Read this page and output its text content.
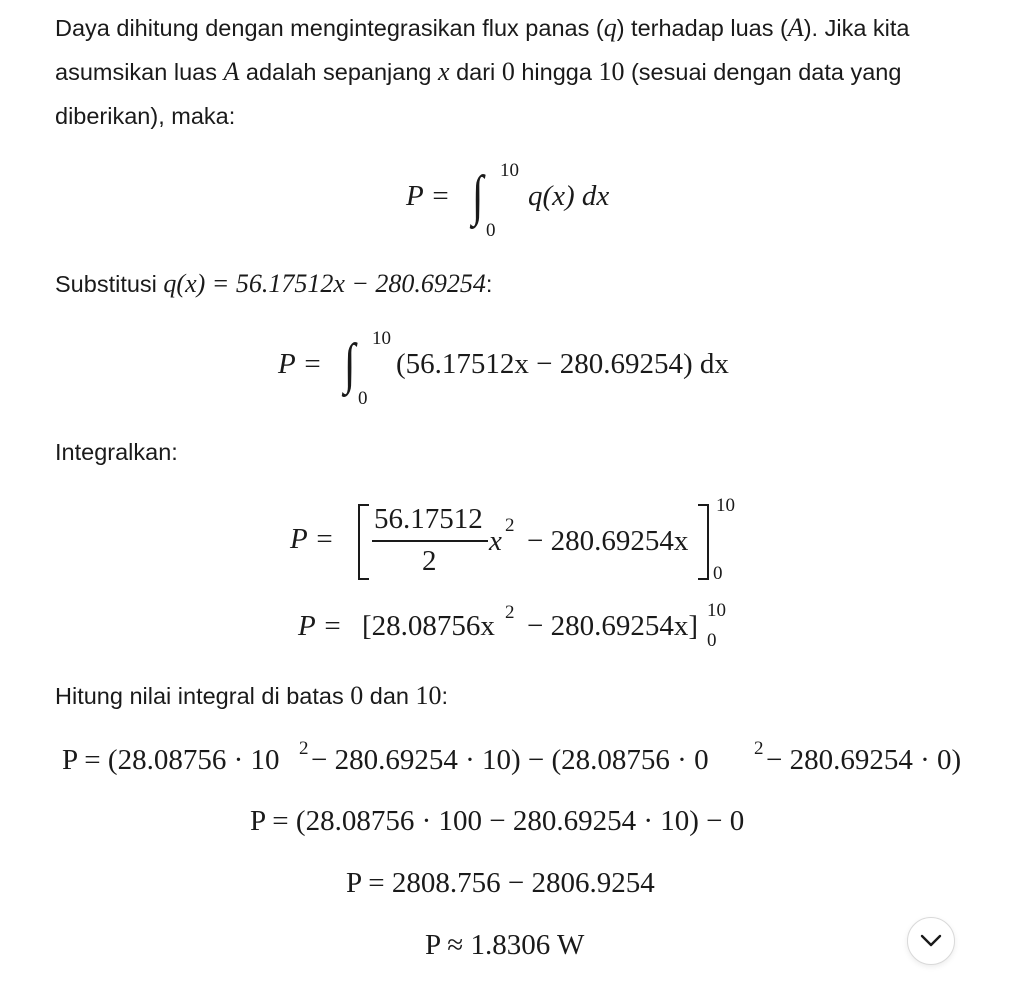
Daya dihitung dengan mengintegrasikan flux panas (q) terhadap luas (A). Jika kita asumsikan luas A adalah sepanjang x dari 0 hingga 10 (sesuai dengan data yang diberikan), maka:
P = ∫ 10
0
q(x) dx
Substitusi q(x) = 56.17512x − 280.69254:
P = ∫ 10
0
(56.17512x − 280.69254) dx
Integralkan:
P =
56.17512
2
x 2 − 280.69254x
10
0
P = [28.08756x 2 − 280.69254x] 10
0
Hitung nilai integral di batas 0 dan 10:
P = (28.08756 · 10 2 − 280.69254 · 10) − (28.08756 · 0 2 − 280.69254 · 0)
P = (28.08756 · 100 − 280.69254 · 10) − 0
P = 2808.756 − 2806.9254
P ≈ 1.8306 W
